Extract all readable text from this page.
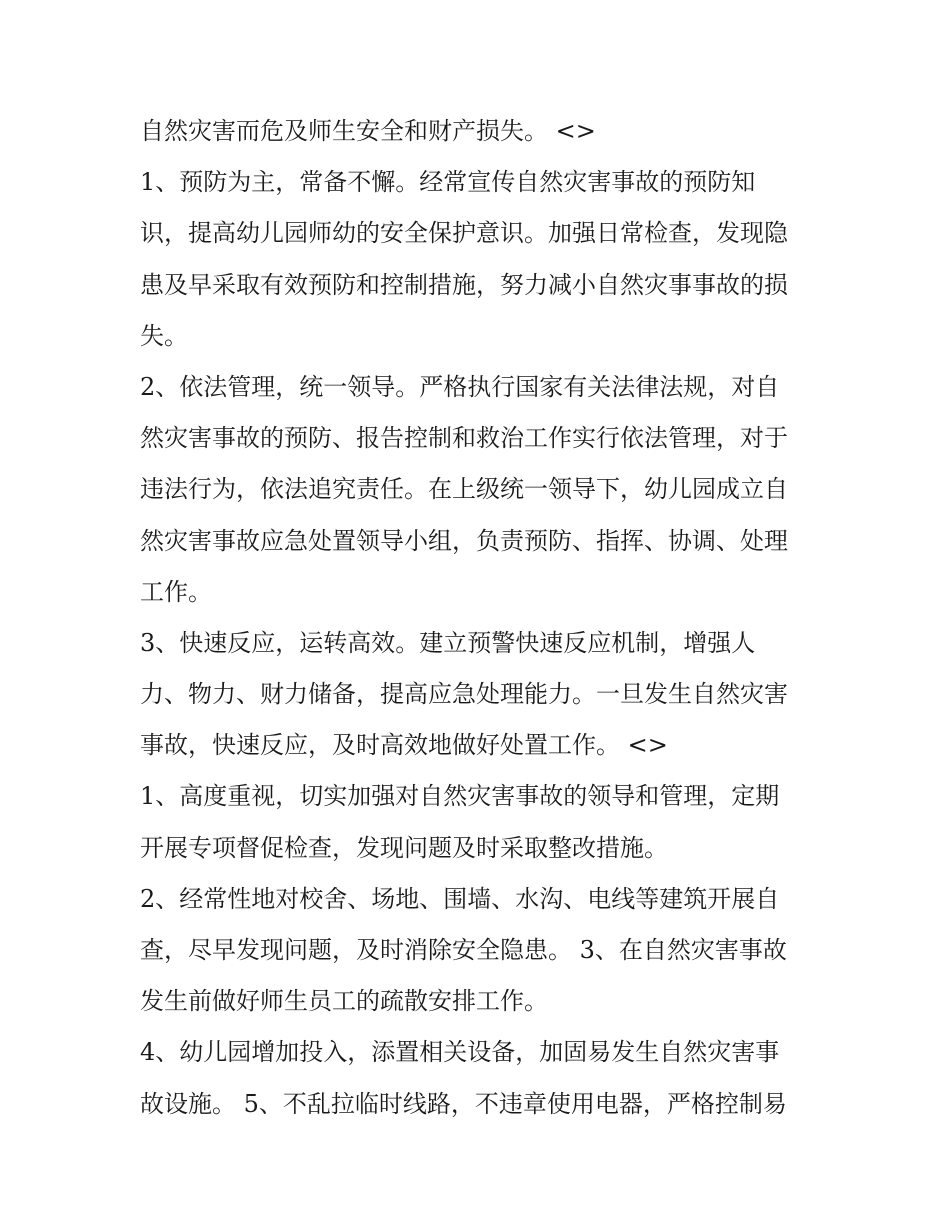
自然灾害而危及师生安全和财产损失。 <>
1、预防为主，常备不懈。经常宣传自然灾害事故的预防知
识，提高幼儿园师幼的安全保护意识。加强日常检查，发现隐
患及早采取有效预防和控制措施，努力减小自然灾事事故的损
失。
2、依法管理，统一领导。严格执行国家有关法律法规，对自
然灾害事故的预防、报告控制和救治工作实行依法管理，对于
违法行为，依法追究责任。在上级统一领导下，幼儿园成立自
然灾害事故应急处置领导小组，负责预防、指挥、协调、处理
工作。
3、快速反应，运转高效。建立预警快速反应机制，增强人
力、物力、财力储备，提高应急处理能力。一旦发生自然灾害
事故，快速反应，及时高效地做好处置工作。 <>
1、高度重视，切实加强对自然灾害事故的领导和管理，定期
开展专项督促检查，发现问题及时采取整改措施。
2、经常性地对校舍、场地、围墙、水沟、电线等建筑开展自
查，尽早发现问题，及时消除安全隐患。 3、在自然灾害事故
发生前做好师生员工的疏散安排工作。
4、幼儿园增加投入，添置相关设备，加固易发生自然灾害事
故设施。 5、不乱拉临时线路，不违章使用电器，严格控制易
